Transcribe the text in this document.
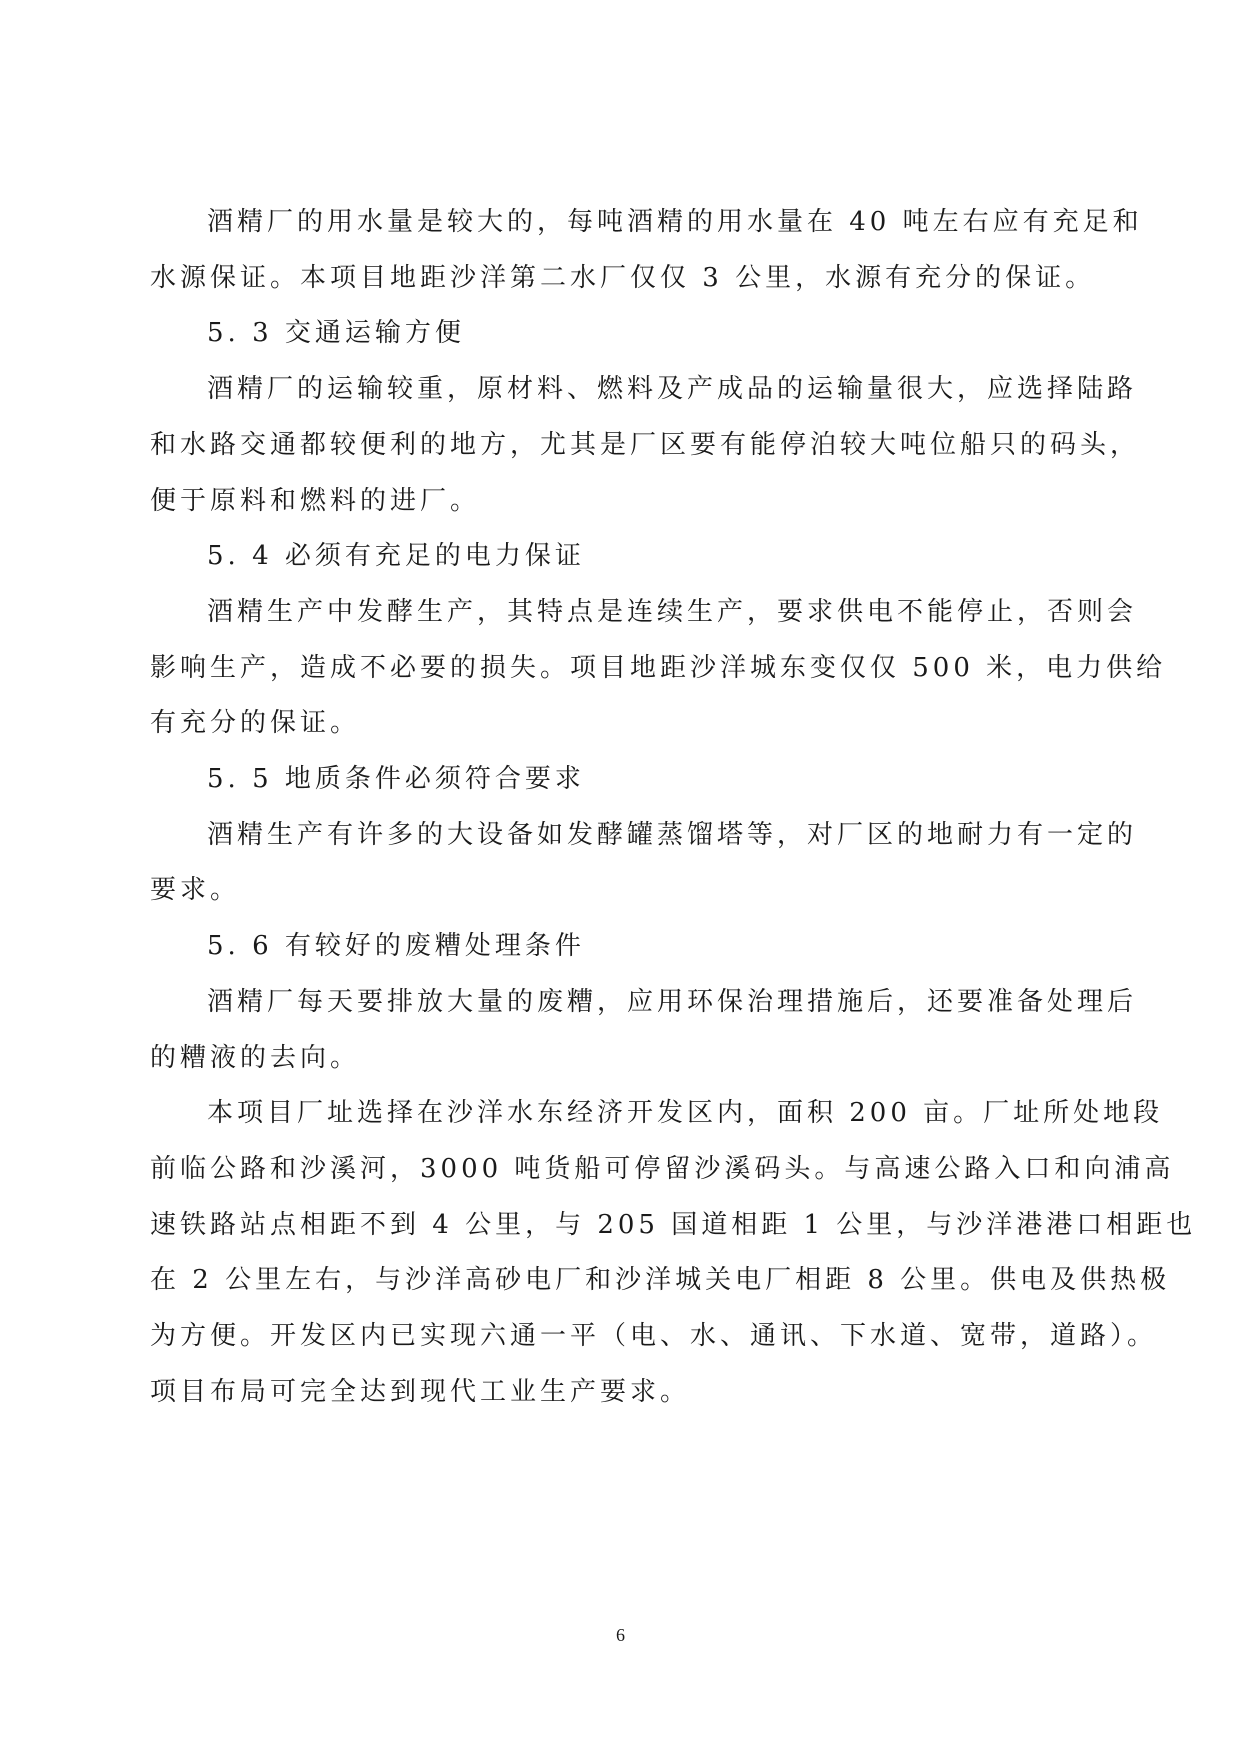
酒精厂的用水量是较大的，每吨酒精的用水量在 40 吨左右应有充足和
水源保证。本项目地距沙洋第二水厂仅仅 3 公里，水源有充分的保证。
5. 3 交通运输方便
酒精厂的运输较重，原材料、燃料及产成品的运输量很大，应选择陆路
和水路交通都较便利的地方，尤其是厂区要有能停泊较大吨位船只的码头，
便于原料和燃料的进厂。
5. 4 必须有充足的电力保证
酒精生产中发酵生产，其特点是连续生产，要求供电不能停止，否则会
影响生产，造成不必要的损失。项目地距沙洋城东变仅仅 500 米，电力供给
有充分的保证。
5. 5 地质条件必须符合要求
酒精生产有许多的大设备如发酵罐蒸馏塔等，对厂区的地耐力有一定的
要求。
5. 6 有较好的废糟处理条件
酒精厂每天要排放大量的废糟，应用环保治理措施后，还要准备处理后
的糟液的去向。
本项目厂址选择在沙洋水东经济开发区内，面积 200 亩。厂址所处地段
前临公路和沙溪河，3000 吨货船可停留沙溪码头。与高速公路入口和向浦高
速铁路站点相距不到 4 公里，与 205 国道相距 1 公里，与沙洋港港口相距也
在 2 公里左右，与沙洋高砂电厂和沙洋城关电厂相距 8 公里。供电及供热极
为方便。开发区内已实现六通一平（电、水、通讯、下水道、宽带，道路）。
项目布局可完全达到现代工业生产要求。
6
